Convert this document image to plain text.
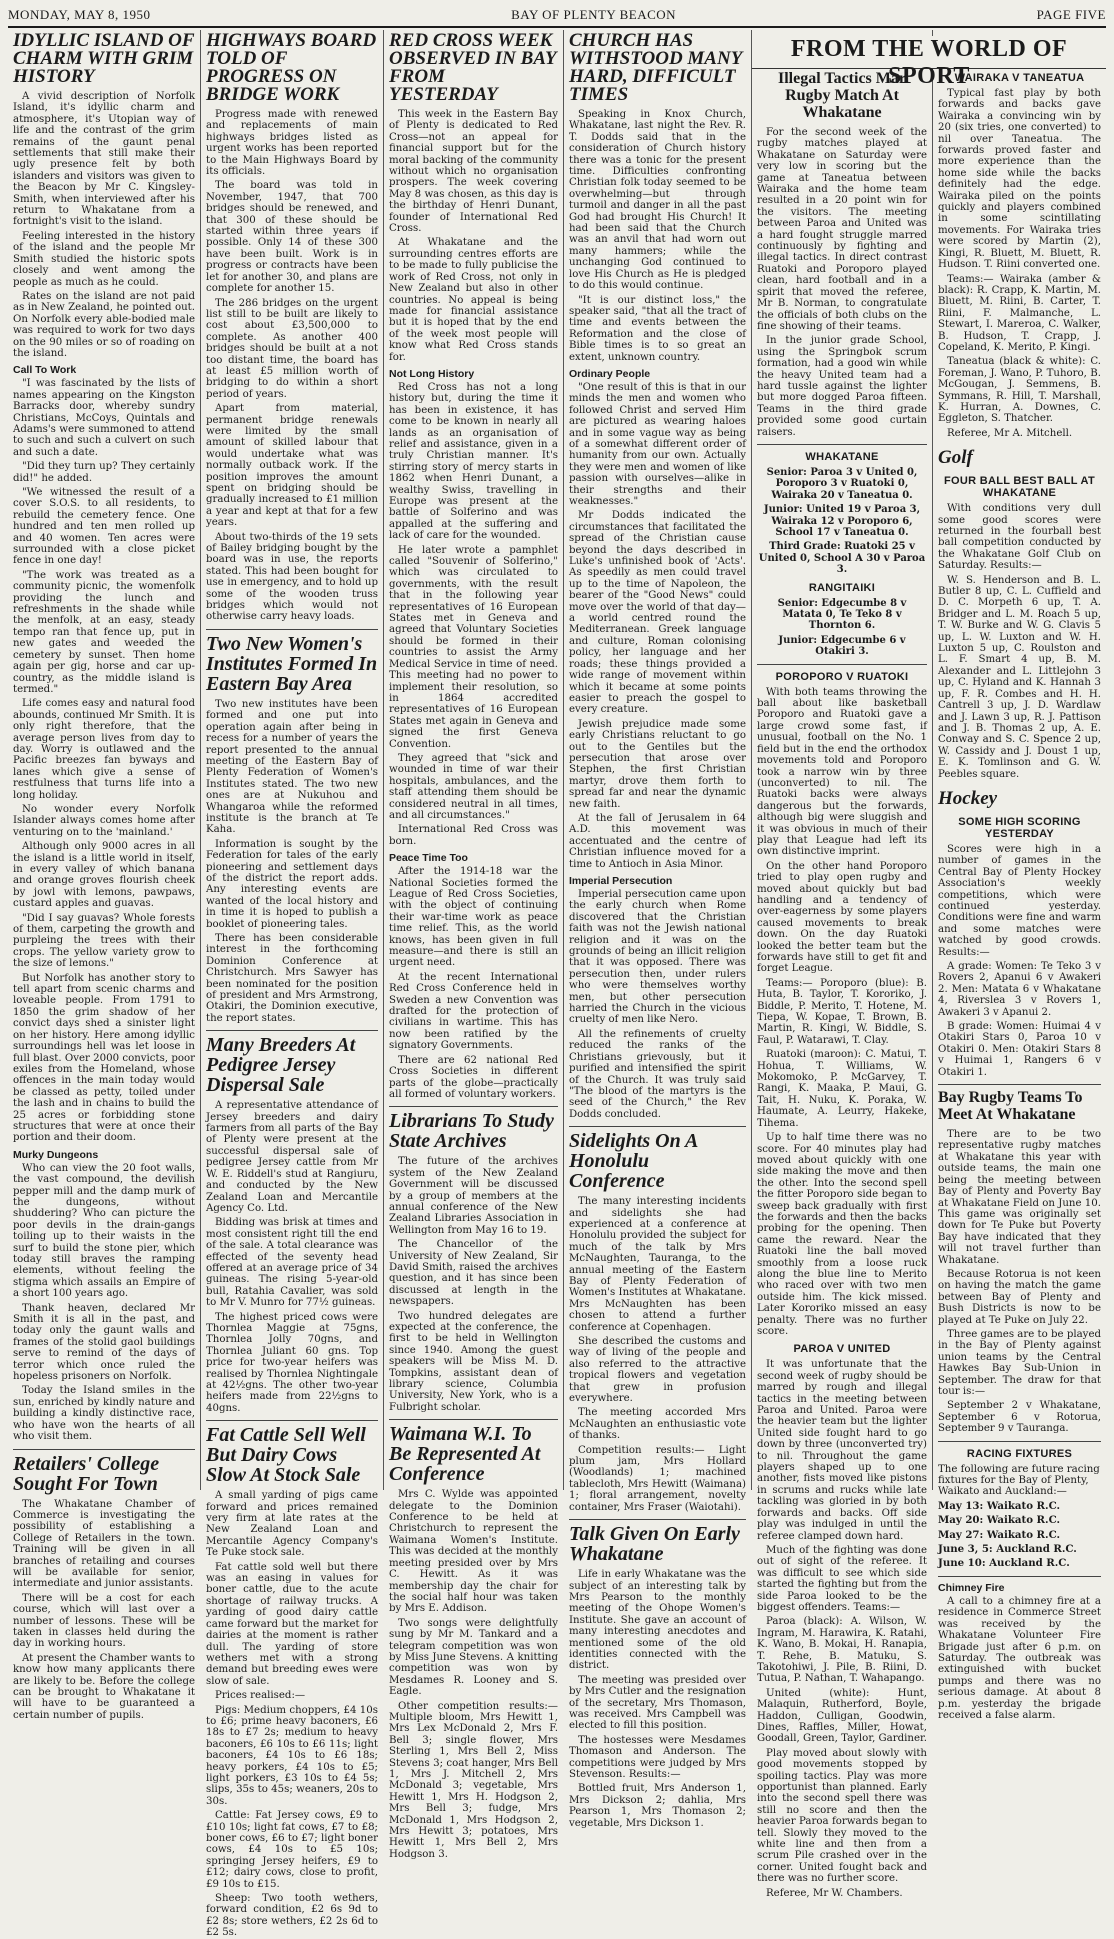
MONDAY, MAY 8, 1950	BAY OF PLENTY BEACON	PAGE FIVE
IDYLLIC ISLAND OF CHARM WITH GRIM HISTORY

A vivid description of Norfolk Island, it's idyllic charm and atmosphere, it's Utopian way of life and the contrast of the grim remains of the gaunt penal settlements that still make their ugly presence felt by both islanders and visitors was given to the Beacon by Mr C. Kingsley-Smith, when interviewed after his return to Whakatane from a fortnight's visit to the island.

Feeling interested in the history of the island and the people Mr Smith studied the historic spots closely and went among the people as much as he could.

Rates on the island are not paid as in New Zealand, he pointed out. On Norfolk every able-bodied male was required to work for two days on the 90 miles or so of roading on the island.

Call To Work

"I was fascinated by the lists of names appearing on the Kingston Barracks door, whereby sundry Christians, McCoys, Quintals and Adams's were summoned to attend to such and such a culvert on such and such a date.

"Did they turn up? They certainly did!" he added.

"We witnessed the result of a cover S.O.S. to all residents, to rebuild the cemetery fence. One hundred and ten men rolled up and 40 women. Ten acres were surrounded with a close picket fence in one day!

"The work was treated as a community picnic, the womenfolk providing the lunch and refreshments in the shade while the menfolk, at an easy, steady tempo ran that fence up, put in new gates and weeded the cemetery by sunset. Then home again per gig, horse and car up-country, as the middle island is termed."

Life comes easy and natural food abounds, continued Mr Smith. It is only right therefore, that the average person lives from day to day. Worry is outlawed and the Pacific breezes fan byways and lanes which give a sense of restfulness that turns life into a long holiday.

No wonder every Norfolk Islander always comes home after venturing on to the 'mainland.'

Although only 9000 acres in all the island is a little world in itself, in every valley of which banana and orange groves flourish cheek by jowl with lemons, pawpaws, custard apples and guavas.

"Did I say guavas? Whole forests of them, carpeting the growth and purpleing the trees with their crops. The yellow variety grow to the size of lemons."

But Norfolk has another story to tell apart from scenic charms and loveable people. From 1791 to 1850 the grim shadow of her convict days shed a sinister light on her history. Here among idyllic surroundings hell was let loose in full blast. Over 2000 convicts, poor exiles from the Homeland, whose offences in the main today would be classed as petty, toiled under the lash and in chains to build the 25 acres or forbidding stone structures that were at once their portion and their doom.

Murky Dungeons

Who can view the 20 foot walls, the vast compound, the devilish pepper mill and the damp murk of the dungeons, without shuddering? Who can picture the poor devils in the drain-gangs toiling up to their waists in the surf to build the stone pier, which today still braves the ramping elements, without feeling the stigma which assails an Empire of a short 100 years ago.

Thank heaven, declared Mr Smith it is all in the past, and today only the gaunt walls and frames of the stolid gaol buildings serve to remind of the days of terror which once ruled the hopeless prisoners on Norfolk.

Today the Island smiles in the sun, enriched by kindly nature and building a kindly distinctive race, who have won the hearts of all who visit them.

Retailers' College Sought For Town

The Whakatane Chamber of Commerce is investigating the possibility of establishing a College of Retailers in the town. Training will be given in all branches of retailing and courses will be available for senior, intermediate and junior assistants.

There will be a cost for each course, which will last over a number of lessons. These will be taken in classes held during the day in working hours.

At present the Chamber wants to know how many applicants there are likely to be. Before the college can be brought to Whakatane it will have to be guaranteed a certain number of pupils.

HIGHWAYS BOARD TOLD OF PROGRESS ON BRIDGE WORK

Progress made with renewed and replacements of main highways bridges listed as urgent works has been reported to the Main Highways Board by its officials.

The board was told in November, 1947, that 700 bridges should be renewed, and that 300 of these should be started within three years if possible. Only 14 of these 300 have been built. Work is in progress or contracts have been let for another 30, and plans are complete for another 15.

The 286 bridges on the urgent list still to be built are likely to cost about £3,500,000 to complete. As another 400 bridges should be built at a not too distant time, the board has at least £5 million worth of bridging to do within a short period of years.

Apart from material, permanent bridge renewals were limited by the small amount of skilled labour that would undertake what was normally outback work. If the position improves the amount spent on bridging should be gradually increased to £1 million a year and kept at that for a few years.

About two-thirds of the 19 sets of Bailey bridging bought by the board was in use, the reports stated. This had been bought for use in emergency, and to hold up some of the wooden truss bridges which would not otherwise carry heavy loads.

Two New Women's Institutes Formed In Eastern Bay Area

Two new institutes have been formed and one put into operation again after being in recess for a number of years the report presented to the annual meeting of the Eastern Bay of Plenty Federation of Women's Institutes stated. The two new ones are at Nukuhou and Whangaroa while the reformed institute is the branch at Te Kaha.

Information is sought by the Federation for tales of the early pioneering and settlement days of the district the report adds. Any interesting events are wanted of the local history and in time it is hoped to publish a booklet of pioneering tales.

There has been considerable interest in the forthcoming Dominion Conference at Christchurch. Mrs Sawyer has been nominated for the position of president and Mrs Armstrong, Otakiri, the Dominion executive, the report states.

Many Breeders At Pedigree Jersey Dispersal Sale

A representative attendance of Jersey breeders and dairy farmers from all parts of the Bay of Plenty were present at the successful dispersal sale of pedigree Jersey cattle from Mr W. E. Riddell's stud at Rangiuru, and conducted by the New Zealand Loan and Mercantile Agency Co. Ltd.

Bidding was brisk at times and most consistent right till the end of the sale. A total clearance was effected of the seventy head offered at an average price of 34 guineas. The rising 5-year-old bull, Ratahia Cavalier, was sold to Mr V. Munro for 77½ guineas.

The highest priced cows were Thornlea Maggie at 75gns, Thornlea Jolly 70gns, and Thornlea Juliant 60 gns. Top price for two-year heifers was realised by Thornlea Nightingale at 42½gns. The other two-year heifers made from 22½gns to 40gns.

Fat Cattle Sell Well But Dairy Cows Slow At Stock Sale

A small yarding of pigs came forward and prices remained very firm at late rates at the New Zealand Loan and Mercantile Agency Company's Te Puke stock sale.

Fat cattle sold well but there was an easing in values for boner cattle, due to the acute shortage of railway trucks. A yarding of good dairy cattle came forward but the market for dairies at the moment is rather dull. The yarding of store wethers met with a strong demand but breeding ewes were slow of sale.

Prices realised:—

Pigs: Medium choppers, £4 10s to £6; prime heavy baconers, £6 18s to £7 2s; medium to heavy baconers, £6 10s to £6 11s; light baconers, £4 10s to £6 18s; heavy porkers, £4 10s to £5; light porkers, £3 10s to £4 5s; slips, 35s to 45s; weaners, 20s to 30s.

Cattle: Fat Jersey cows, £9 to £10 10s; light fat cows, £7 to £8; boner cows, £6 to £7; light boner cows, £4 10s to £5 10s; springing Jersey heifers, £9 to £12; dairy cows, close to profit, £9 10s to £15.

Sheep: Two tooth wethers, forward condition, £2 6s 9d to £2 8s; store wethers, £2 2s 6d to £2 5s.

RED CROSS WEEK OBSERVED IN BAY FROM YESTERDAY

This week in the Eastern Bay of Plenty is dedicated to Red Cross—not an appeal for financial support but for the moral backing of the community without which no organisation prospers. The week covering May 8 was chosen, as this day is the birthday of Henri Dunant, founder of International Red Cross.

At Whakatane and the surrounding centres efforts are to be made to fully publicise the work of Red Cross, not only in New Zealand but also in other countries. No appeal is being made for financial assistance but it is hoped that by the end of the week most people will know what Red Cross stands for.

Not Long History

Red Cross has not a long history but, during the time it has been in existence, it has come to be known in nearly all lands as an organisation of relief and assistance, given in a truly Christian manner. It's stirring story of mercy starts in 1862 when Henri Dunant, a wealthy Swiss, travelling in Europe was present at the battle of Solferino and was appalled at the suffering and lack of care for the wounded.

He later wrote a pamphlet called "Souvenir of Solferino," which was circulated to governments, with the result that in the following year representatives of 16 European States met in Geneva and agreed that Voluntary Societies should be formed in their countries to assist the Army Medical Service in time of need. This meeting had no power to implement their resolution, so in 1864 accredited representatives of 16 European States met again in Geneva and signed the first Geneva Convention.

They agreed that "sick and wounded in time of war their hospitals, ambulances, and the staff attending them should be considered neutral in all times, and all circumstances."

International Red Cross was born.

Peace Time Too

After the 1914-18 war the National Societies formed the League of Red Cross Societies, with the object of continuing their war-time work as peace time relief. This, as the world knows, has been given in full measure—and there is still an urgent need.

At the recent International Red Cross Conference held in Sweden a new Convention was drafted for the protection of civilians in wartime. This has now been ratified by the signatory Governments.

There are 62 national Red Cross Societies in different parts of the globe—practically all formed of voluntary workers.

Librarians To Study State Archives

The future of the archives system of the New Zealand Government will be discussed by a group of members at the annual conference of the New Zealand Libraries Association in Wellington from May 16 to 19.

The Chancellor of the University of New Zealand, Sir David Smith, raised the archives question, and it has since been discussed at length in the newspapers.

Two hundred delegates are expected at the conference, the first to be held in Wellington since 1940. Among the guest speakers will be Miss M. D. Tompkins, assistant dean of library science, Columbia University, New York, who is a Fulbright scholar.

Waimana W.I. To Be Represented At Conference

Mrs C. Wylde was appointed delegate to the Dominion Conference to be held at Christchurch to represent the Waimana Women's Institute. This was decided at the monthly meeting presided over by Mrs C. Hewitt. As it was membership day the chair for the social half hour was taken by Mrs E. Addison.

Two songs were delightfully sung by Mr M. Tankard and a telegram competition was won by Miss June Stevens. A knitting competition was won by Mesdames R. Looney and S. Eagle.

Other competition results:— Multiple bloom, Mrs Hewitt 1, Mrs Lex McDonald 2, Mrs F. Bell 3; single flower, Mrs Sterling 1, Mrs Bell 2, Miss Stevens 3; coat hanger, Mrs Bell 1, Mrs J. Mitchell 2, Mrs McDonald 3; vegetable, Mrs Hewitt 1, Mrs H. Hodgson 2, Mrs Bell 3; fudge, Mrs McDonald 1, Mrs Hodgson 2, Mrs Hewitt 3; potatoes, Mrs Hewitt 1, Mrs Bell 2, Mrs Hodgson 3.

CHURCH HAS WITHSTOOD MANY HARD, DIFFICULT TIMES

Speaking in Knox Church, Whakatane, last night the Rev. R. T. Dodds said that in the consideration of Church history there was a tonic for the present time. Difficulties confronting Christian folk today seemed to be overwhelming—but through turmoil and danger in all the past God had brought His Church! It had been said that the Church was an anvil that had worn out many hammers; while the unchanging God continued to love His Church as He is pledged to do this would continue.

"It is our distinct loss," the speaker said, "that all the tract of time and events between the Reformation and the close of Bible times is to so great an extent, unknown country.

Ordinary People

"One result of this is that in our minds the men and women who followed Christ and served Him are pictured as wearing haloes and in some vague way as being of a somewhat different order of humanity from our own. Actually they were men and women of like passion with ourselves—alike in their strengths and their weaknesses."

Mr Dodds indicated the circumstances that facilitated the spread of the Christian cause beyond the days described in Luke's unfinished book of 'Acts'. As speedily as men could travel up to the time of Napoleon, the bearer of the "Good News" could move over the world of that day—a world centred round the Mediterranean. Greek language and culture, Roman colonising policy, her language and her roads; these things provided a wide range of movement within which it became at some points easier to preach the gospel to every creature.

Jewish prejudice made some early Christians reluctant to go out to the Gentiles but the persecution that arose over Stephen, the first Christian martyr, drove them forth to spread far and near the dynamic new faith.

At the fall of Jerusalem in 64 A.D. this movement was accentuated and the centre of Christian influence moved for a time to Antioch in Asia Minor.

Imperial Persecution

Imperial persecution came upon the early church when Rome discovered that the Christian faith was not the Jewish national religion and it was on the grounds of being an illicit religion that it was opposed. There was persecution then, under rulers who were themselves worthy men, but other persecution harried the Church in the vicious cruelty of men like Nero.

All the refinements of cruelty reduced the ranks of the Christians grievously, but it purified and intensified the spirit of the Church. It was truly said "The blood of the martyrs is the seed of the Church," the Rev Dodds concluded.

Sidelights On A Honolulu Conference

The many interesting incidents and sidelights she had experienced at a conference at Honolulu provided the subject for much of the talk by Mrs McNaughten, Tauranga, to the annual meeting of the Eastern Bay of Plenty Federation of Women's Institutes at Whakatane. Mrs McNaughten has been chosen to attend a further conference at Copenhagen.

She described the customs and way of living of the people and also referred to the attractive tropical flowers and vegetation that grew in profusion everywhere.

The meeting accorded Mrs McNaughten an enthusiastic vote of thanks.

Competition results:— Light plum jam, Mrs Hollard (Woodlands) 1; machined tablecloth, Mrs Hewitt (Waimana) 1; floral arrangement, novelty container, Mrs Fraser (Waiotahi).

Talk Given On Early Whakatane

Life in early Whakatane was the subject of an interesting talk by Mrs Pearson to the monthly meeting of the Ohope Women's Institute. She gave an account of many interesting anecdotes and mentioned some of the old identities connected with the district.

The meeting was presided over by Mrs Cutler and the resignation of the secretary, Mrs Thomason, was received. Mrs Campbell was elected to fill this position.

The hostesses were Mesdames Thomason and Anderson. The competitions were judged by Mrs Stevenson. Results:—

Bottled fruit, Mrs Anderson 1, Mrs Dickson 2; dahlia, Mrs Pearson 1, Mrs Thomason 2; vegetable, Mrs Dickson 1.

Illegal Tactics Mar Rugby Match At Whakatane

For the second week of the rugby matches played at Whakatane on Saturday were very low in scoring but the game at Taneatua between Wairaka and the home team resulted in a 20 point win for the visitors. The meeting between Paroa and United was a hard fought struggle marred continuously by fighting and illegal tactics. In direct contrast Ruatoki and Poroporo played clean, hard football and in a spirit that moved the referee, Mr B. Norman, to congratulate the officials of both clubs on the fine showing of their teams.

In the junior grade School, using the Springbok scrum formation, had a good win while the heavy United team had a hard tussle against the lighter but more dogged Paroa fifteen. Teams in the third grade provided some good curtain raisers.

WHAKATANE

Senior: Paroa 3 v United 0, Poroporo 3 v Ruatoki 0, Wairaka 20 v Taneatua 0.

Junior: United 19 v Paroa 3, Wairaka 12 v Poroporo 6, School 17 v Taneatua 0.

Third Grade: Ruatoki 25 v United 0, School A 30 v Paroa 3.

RANGITAIKI

Senior: Edgecumbe 8 v Matata 0, Te Teko 8 v Thornton 6.

Junior: Edgecumbe 6 v Otakiri 3.

POROPORO V RUATOKI

With both teams throwing the ball about like basketball Poroporo and Ruatoki gave a large crowd some fast, if unusual, football on the No. 1 field but in the end the orthodox movements told and Poroporo took a narrow win by three (unconverted) to nil. The Ruatoki backs were always dangerous but the forwards, although big were sluggish and it was obvious in much of their play that League had left its own distinctive imprint.

On the other hand Poroporo tried to play open rugby and moved about quickly but bad handling and a tendency of over-eagerness by some players caused movements to break down. On the day Ruatoki looked the better team but the forwards have still to get fit and forget League.

Teams:— Poroporo (blue): B. Huta, B. Taylor, T. Kororiko, J. Biddle, P. Merito, T. Hotene, M. Tiepa, W. Kopae, T. Brown, B. Martin, R. Kingi, W. Biddle, S. Faul, P. Watarawi, T. Clay.

Ruatoki (maroon): C. Matui, T. Hohua, T. Williams, W. Mokomoko, P. McGarvey, T. Rangi, K. Maaka, P. Maui, G. Tait, H. Nuku, K. Poraka, W. Haumate, A. Leurry, Hakeke, Tihema.

Up to half time there was no score. For 40 minutes play had moved about quickly with one side making the move and then the other. Into the second spell the fitter Poroporo side began to sweep back gradually with first the forwards and then the backs probing for the opening. Then came the reward. Near the Ruatoki line the ball moved smoothly from a loose ruck along the blue line to Merito who raced over with two men outside him. The kick missed. Later Kororiko missed an easy penalty. There was no further score.

PAROA V UNITED

It was unfortunate that the second week of rugby should be marred by rough and illegal tactics in the meeting between Paroa and United. Paroa were the heavier team but the lighter United side fought hard to go down by three (unconverted try) to nil. Throughout the game players shaped up to one another, fists moved like pistons in scrums and rucks while late tackling was gloried in by both forwards and backs. Off side play was indulged in until the referee clamped down hard.

Much of the fighting was done out of sight of the referee. It was difficult to see which side started the fighting but from the side Paroa looked to be the biggest offenders. Teams:—

Paroa (black): A. Wilson, W. Ingram, M. Harawira, K. Ratahi, K. Wano, B. Mokai, H. Ranapia, T. Rehe, B. Matuku, S. Takotohiwi, J. Pile, B. Riini, D. Tutua, P. Nathan, T. Wahapango.

United (white): Hunt, Malaquin, Rutherford, Boyle, Haddon, Culligan, Goodwin, Dines, Raffles, Miller, Howat, Goodall, Green, Taylor, Gardiner.

Play moved about slowly with good movements stopped by spoiling tactics. Play was more opportunist than planned. Early into the second spell there was still no score and then the heavier Paroa forwards began to tell. Slowly they moved to the white line and then from a scrum Pile crashed over in the corner. United fought back and there was no further score.

Referee, Mr W. Chambers.

WAIRAKA V TANEATUA

Typical fast play by both forwards and backs gave Wairaka a convincing win by 20 (six tries, one converted) to nil over Taneatua. The forwards proved faster and more experience than the home side while the backs definitely had the edge. Wairaka piled on the points quickly and players combined in some scintillating movements. For Wairaka tries were scored by Martin (2), Kingi, R. Bluett, M. Bluett, R. Hudson. T. Riini converted one.

Teams:— Wairaka (amber & black): R. Crapp, K. Martin, M. Bluett, M. Riini, B. Carter, T. Riini, F. Malmanche, L. Stewart, I. Mareroa, C. Walker, B. Hudson, T. Crapp, J. Copeland, K. Merito, P. Kingi.

Taneatua (black & white): C. Foreman, J. Wano, P. Tuhoro, B. McGougan, J. Semmens, B. Symmans, R. Hill, T. Marshall, K. Hurran, A. Downes, C. Eggleton, S. Thatcher.

Referee, Mr A. Mitchell.

Golf
FOUR BALL BEST BALL AT WHAKATANE

With conditions very dull some good scores were returned in the fourball best ball competition conducted by the Whakatane Golf Club on Saturday. Results:—

W. S. Henderson and B. L. Butler 8 up, C. L. Cuffield and D. C. Morpeth 6 up, T. A. Bridger and L. M. Roach 5 up, T. W. Burke and W. G. Clavis 5 up, L. W. Luxton and W. H. Luxton 5 up, C. Roulston and L. F. Smart 4 up, B. M. Alexander and L. Littlejohn 3 up, C. Hyland and K. Hannah 3 up, F. R. Combes and H. H. Cantrell 3 up, J. D. Wardlaw and J. Lawn 3 up, R. J. Pattison and J. B. Thomas 2 up, A. E. Conway and S. C. Spence 2 up, W. Cassidy and J. Doust 1 up, E. K. Tomlinson and G. W. Peebles square.

Hockey
SOME HIGH SCORING YESTERDAY

Scores were high in a number of games in the Central Bay of Plenty Hockey Association's weekly competitions, which were continued yesterday. Conditions were fine and warm and some matches were watched by good crowds. Results:—

A grade: Women: Te Teko 3 v Rovers 2, Apanui 6 v Awakeri 2. Men: Matata 6 v Whakatane 4, Riverslea 3 v Rovers 1, Awakeri 3 v Apanui 2.

B grade: Women: Huimai 4 v Otakiri Stars 0, Paroa 10 v Otakiri 0. Men: Otakiri Stars 8 v Huimai 1, Rangers 6 v Otakiri 1.

Bay Rugby Teams To Meet At Whakatane

There are to be two representative rugby matches at Whakatane this year with outside teams, the main one being the meeting between Bay of Plenty and Poverty Bay at Whakatane Field on June 10. This game was originally set down for Te Puke but Poverty Bay have indicated that they will not travel further than Whakatane.

Because Rotorua is not keen on having the match the game between Bay of Plenty and Bush Districts is now to be played at Te Puke on July 22.

Three games are to be played in the Bay of Plenty against union teams by the Central Hawkes Bay Sub-Union in September. The draw for that tour is:—

September 2 v Whakatane, September 6 v Rotorua, September 9 v Tauranga.

RACING FIXTURES

The following are future racing fixtures for the Bay of Plenty, Waikato and Auckland:—

May 13: Waikato R.C.

May 20: Waikato R.C.

May 27: Waikato R.C.

June 3, 5: Auckland R.C.

June 10: Auckland R.C.

Chimney Fire

A call to a chimney fire at a residence in Commerce Street was received by the Whakatane Volunteer Fire Brigade just after 6 p.m. on Saturday. The outbreak was extinguished with bucket pumps and there was no serious damage. At about 8 p.m. yesterday the brigade received a false alarm.

FROM THE WORLD OF SPORT
